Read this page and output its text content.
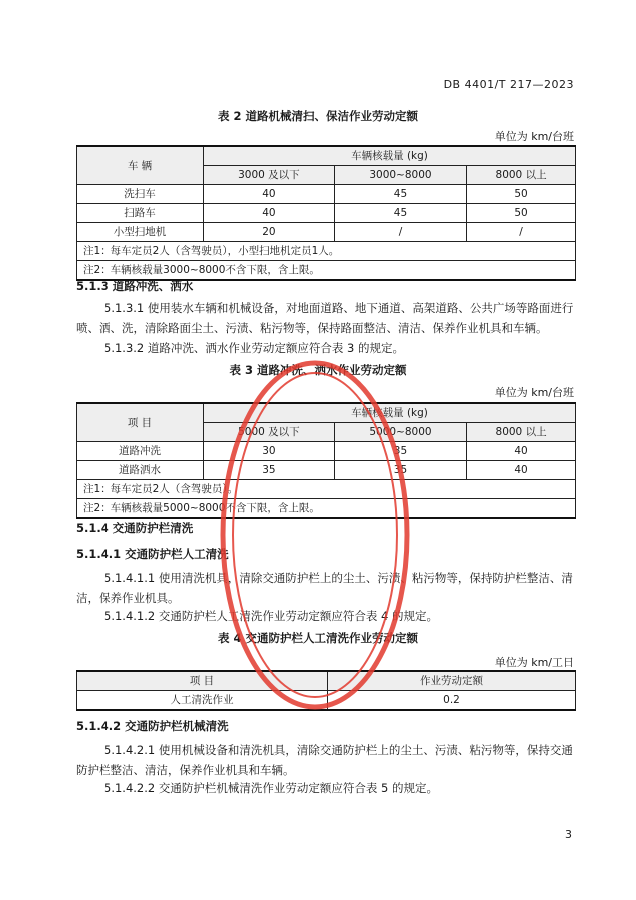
DB 4401/T 217—2023
表 2 道路机械清扫、保洁作业劳动定额
单位为 km/台班
车 辆	车辆核载量 (kg)		
	3000 及以下	3000~8000	8000 以上
洗扫车	40	45	50
扫路车	40	45	50
小型扫地机	20	/	/
注1：每车定员2人（含驾驶员），小型扫地机定员1人。			
注2：车辆核载量3000~8000不含下限，含上限。			
5.1.3 道路冲洗、洒水
5.1.3.1 使用装水车辆和机械设备，对地面道路、地下通道、高架道路、公共广场等路面进行喷、洒、洗，清除路面尘土、污渍、粘污物等，保持路面整洁、清洁、保养作业机具和车辆。
5.1.3.2 道路冲洗、洒水作业劳动定额应符合表 3 的规定。
表 3 道路冲洗、洒水作业劳动定额
单位为 km/台班
项 目	车辆核载量 (kg)		
	5000 及以下	5000~8000	8000 以上
道路冲洗	30	35	40
道路洒水	35	35	40
注1：每车定员2人（含驾驶员）。			
注2：车辆核载量5000~8000不含下限，含上限。			
5.1.4 交通防护栏清洗
5.1.4.1 交通防护栏人工清洗
5.1.4.1.1 使用清洗机具，清除交通防护栏上的尘土、污渍、粘污物等，保持防护栏整洁、清洁，保养作业机具。
5.1.4.1.2 交通防护栏人工清洗作业劳动定额应符合表 4 的规定。
表 4 交通防护栏人工清洗作业劳动定额
单位为 km/工日
项 目	作业劳动定额
人工清洗作业	0.2
5.1.4.2 交通防护栏机械清洗
5.1.4.2.1 使用机械设备和清洗机具，清除交通防护栏上的尘土、污渍、粘污物等，保持交通防护栏整洁、清洁，保养作业机具和车辆。
5.1.4.2.2 交通防护栏机械清洗作业劳动定额应符合表 5 的规定。
3
